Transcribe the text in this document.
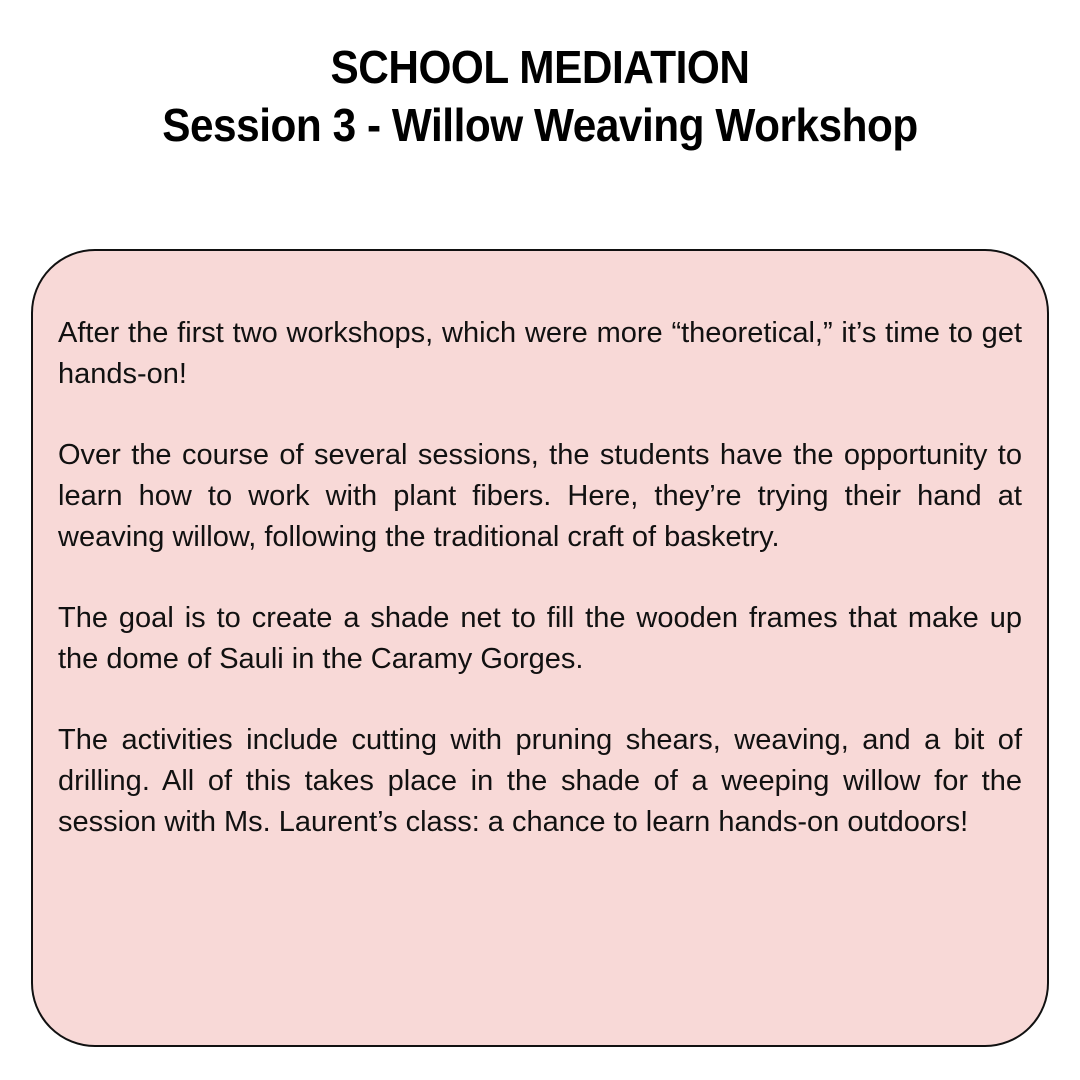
SCHOOL MEDIATION
Session 3 - Willow Weaving Workshop

After the first two workshops, which were more “theoretical,” it’s time to get hands-on!

Over the course of several sessions, the students have the opportunity to learn how to work with plant fibers. Here, they’re trying their hand at weaving willow, following the traditional craft of basketry.

The goal is to create a shade net to fill the wooden frames that make up the dome of Sauli in the Caramy Gorges.

The activities include cutting with pruning shears, weaving, and a bit of drilling. All of this takes place in the shade of a weeping willow for the session with Ms. Laurent’s class: a chance to learn hands-on outdoors!
